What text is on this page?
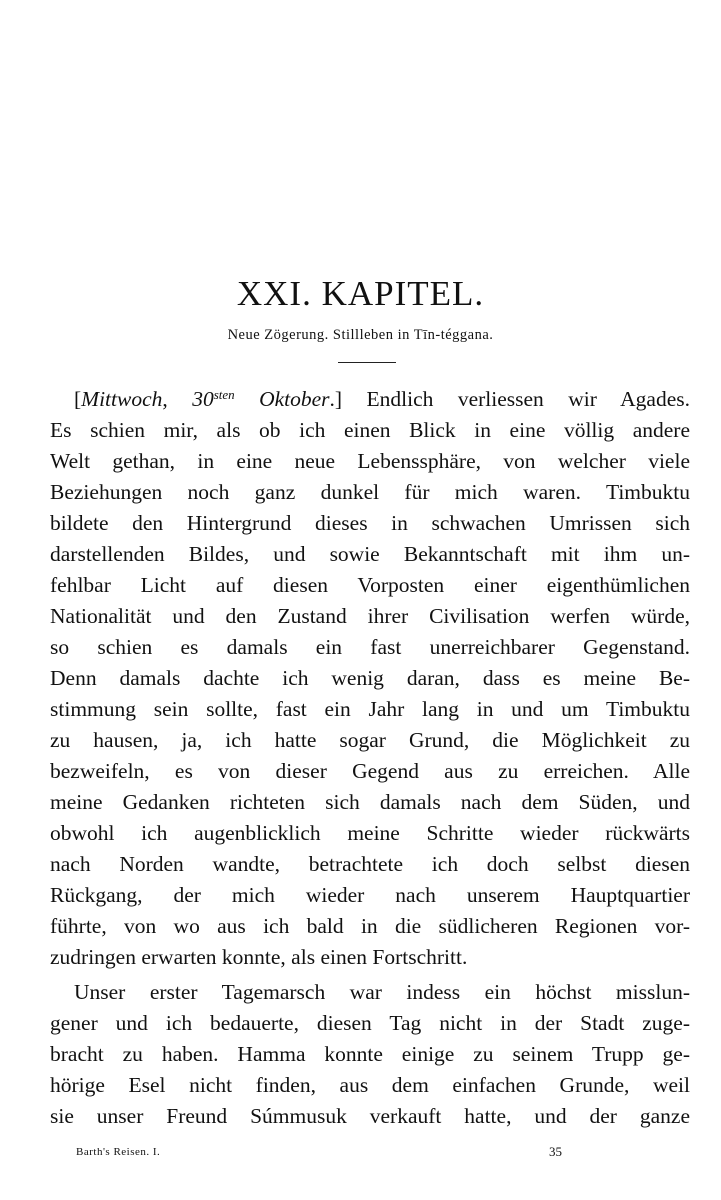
XXI. KAPITEL.
Neue Zögerung. Stillleben in Tīn-téggana.
[Mittwoch, $30^{sten}$ Oktober.] Endlich verliessen wir Agades.
Es schien mir, als ob ich einen Blick in eine völlig andere
Welt gethan, in eine neue Lebenssphäre, von welcher viele
Beziehungen noch ganz dunkel für mich waren. Timbuktu
bildete den Hintergrund dieses in schwachen Umrissen sich
darstellenden Bildes, und sowie Bekanntschaft mit ihm un-
fehlbar Licht auf diesen Vorposten einer eigenthümlichen
Nationalität und den Zustand ihrer Civilisation werfen würde,
so schien es damals ein fast unerreichbarer Gegenstand.
Denn damals dachte ich wenig daran, dass es meine Be-
stimmung sein sollte, fast ein Jahr lang in und um Timbuktu
zu hausen, ja, ich hatte sogar Grund, die Möglichkeit zu
bezweifeln, es von dieser Gegend aus zu erreichen. Alle
meine Gedanken richteten sich damals nach dem Süden, und
obwohl ich augenblicklich meine Schritte wieder rückwärts
nach Norden wandte, betrachtete ich doch selbst diesen
Rückgang, der mich wieder nach unserem Hauptquartier
führte, von wo aus ich bald in die südlicheren Regionen vor-
zudringen erwarten konnte, als einen Fortschritt.
Unser erster Tagemarsch war indess ein höchst misslun-
gener und ich bedauerte, diesen Tag nicht in der Stadt zuge-
bracht zu haben. Hamma konnte einige zu seinem Trupp ge-
hörige Esel nicht finden, aus dem einfachen Grunde, weil
sie unser Freund Súmmusuk verkauft hatte, und der ganze
Barth's Reisen. I.	35
